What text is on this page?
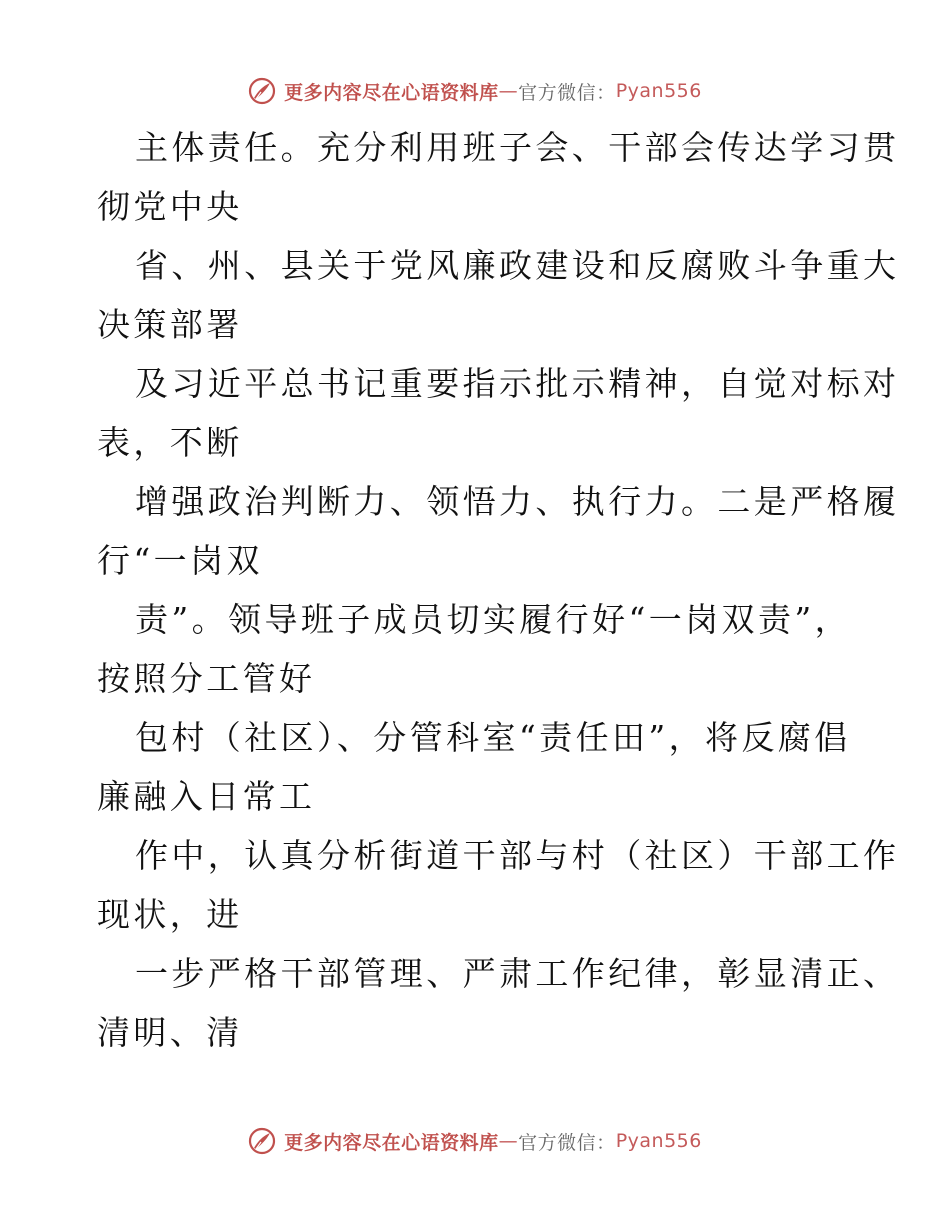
更多内容尽在心语资料库 — 官方微信： Pyan556
主体责任。充分利用班子会、干部会传达学习贯
彻党中央
省、州、县关于党风廉政建设和反腐败斗争重大
决策部署
及习近平总书记重要指示批示精神，自觉对标对
表，不断
增强政治判断力、领悟力、执行力。二是严格履
行“一岗双
责”。领导班子成员切实履行好“一岗双责”，
按照分工管好
包村（社区）、分管科室“责任田”，将反腐倡
廉融入日常工
作中，认真分析街道干部与村（社区）干部工作
现状，进
一步严格干部管理、严肃工作纪律，彰显清正、
清明、清
更多内容尽在心语资料库 — 官方微信： Pyan556
